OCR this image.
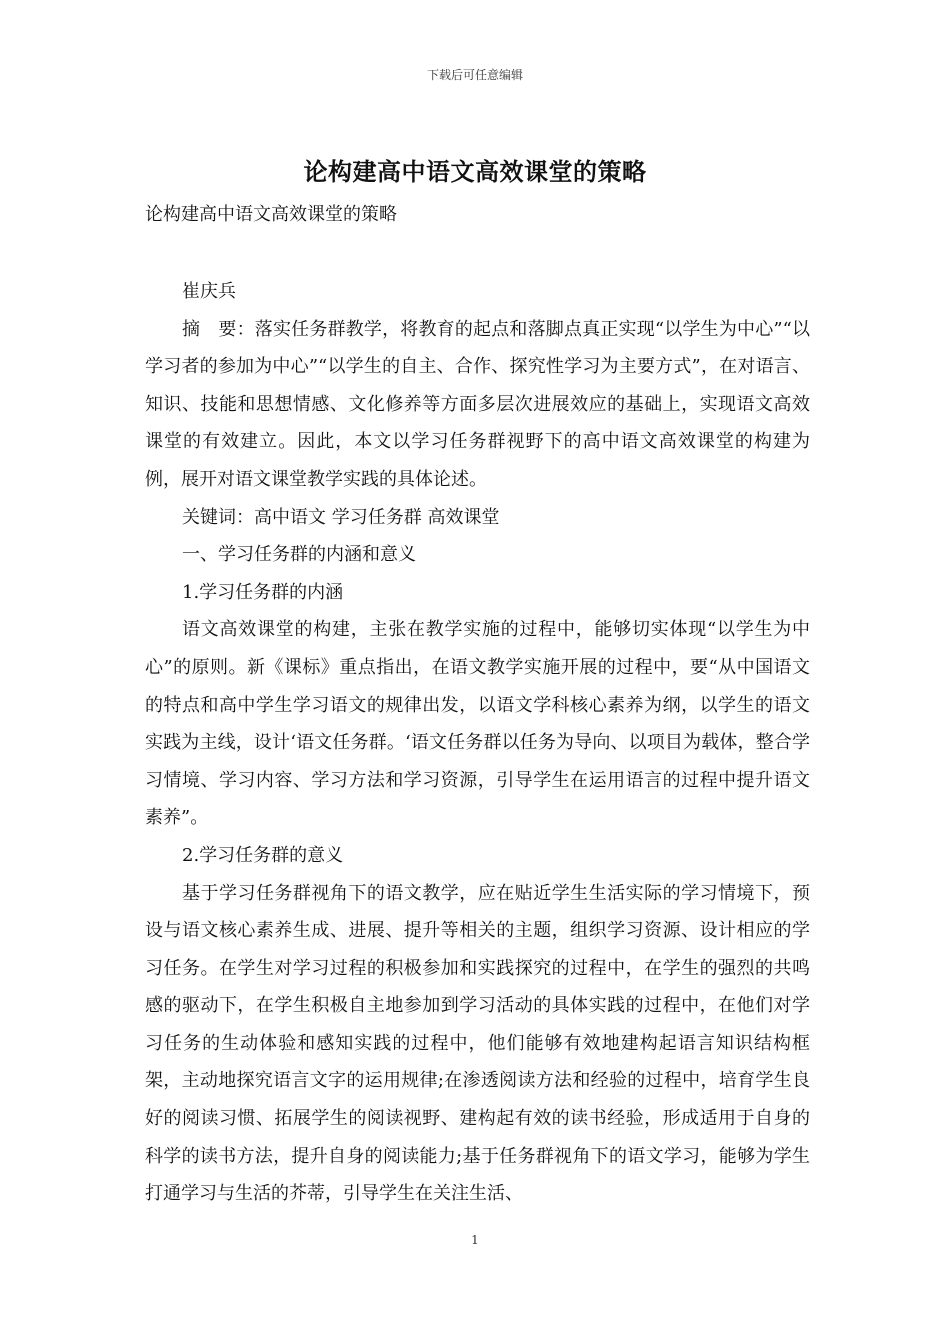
下载后可任意编辑
论构建高中语文高效课堂的策略
论构建高中语文高效课堂的策略

崔庆兵

摘　要：落实任务群教学，将教育的起点和落脚点真正实现“以学生为中心”“以学习者的参加为中心”“以学生的自主、合作、探究性学习为主要方式”，在对语言、知识、技能和思想情感、文化修养等方面多层次进展效应的基础上，实现语文高效课堂的有效建立。因此，本文以学习任务群视野下的高中语文高效课堂的构建为例，展开对语文课堂教学实践的具体论述。

关键词：高中语文 学习任务群 高效课堂

一、学习任务群的内涵和意义

1.学习任务群的内涵

语文高效课堂的构建，主张在教学实施的过程中，能够切实体现“以学生为中心”的原则。新《课标》重点指出，在语文教学实施开展的过程中，要“从中国语文的特点和高中学生学习语文的规律出发，以语文学科核心素养为纲，以学生的语文实践为主线，设计‘语文任务群。‘语文任务群以任务为导向、以项目为载体，整合学习情境、学习内容、学习方法和学习资源，引导学生在运用语言的过程中提升语文素养”。

2.学习任务群的意义

基于学习任务群视角下的语文教学，应在贴近学生生活实际的学习情境下，预设与语文核心素养生成、进展、提升等相关的主题，组织学习资源、设计相应的学习任务。在学生对学习过程的积极参加和实践探究的过程中，在学生的强烈的共鸣感的驱动下，在学生积极自主地参加到学习活动的具体实践的过程中，在他们对学习任务的生动体验和感知实践的过程中，他们能够有效地建构起语言知识结构框架，主动地探究语言文字的运用规律;在渗透阅读方法和经验的过程中，培育学生良好的阅读习惯、拓展学生的阅读视野、建构起有效的读书经验，形成适用于自身的科学的读书方法，提升自身的阅读能力;基于任务群视角下的语文学习，能够为学生打通学习与生活的芥蒂，引导学生在关注生活、

1
